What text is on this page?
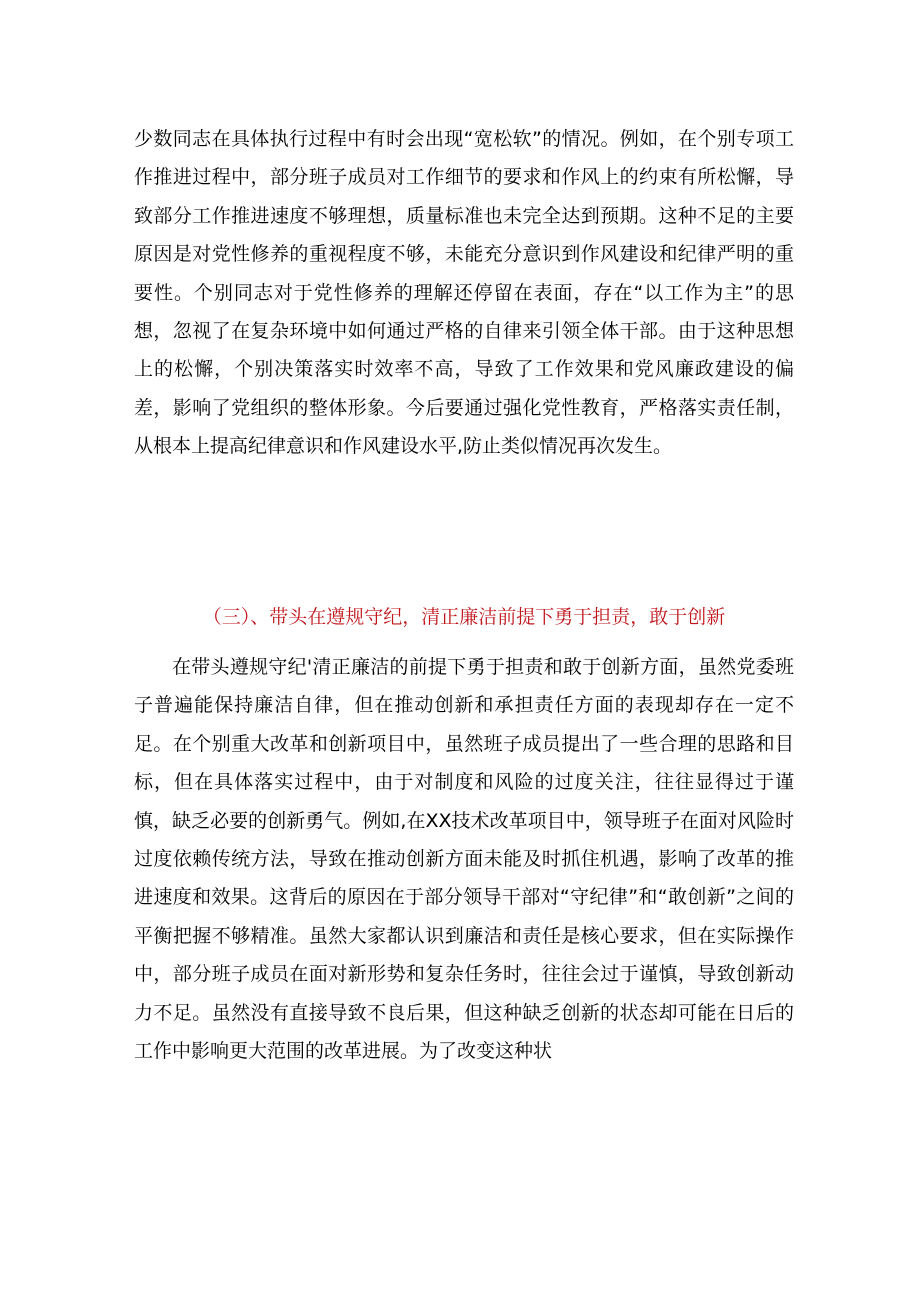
少数同志在具体执行过程中有时会出现“宽松软”的情况。例如，在个别专项工作推进过程中，部分班子成员对工作细节的要求和作风上的约束有所松懈，导致部分工作推进速度不够理想，质量标准也未完全达到预期。这种不足的主要原因是对党性修养的重视程度不够，未能充分意识到作风建设和纪律严明的重要性。个别同志对于党性修养的理解还停留在表面，存在“以工作为主”的思想，忽视了在复杂环境中如何通过严格的自律来引领全体干部。由于这种思想上的松懈，个别决策落实时效率不高，导致了工作效果和党风廉政建设的偏差，影响了党组织的整体形象。今后要通过强化党性教育，严格落实责任制，从根本上提高纪律意识和作风建设水平,防止类似情况再次发生。

（三）、带头在遵规守纪，清正廉洁前提下勇于担责，敢于创新

在带头遵规守纪'清正廉洁的前提下勇于担责和敢于创新方面，虽然党委班子普遍能保持廉洁自律，但在推动创新和承担责任方面的表现却存在一定不足。在个别重大改革和创新项目中，虽然班子成员提出了一些合理的思路和目标，但在具体落实过程中，由于对制度和风险的过度关注，往往显得过于谨慎，缺乏必要的创新勇气。例如,在XX技术改革项目中，领导班子在面对风险时过度依赖传统方法，导致在推动创新方面未能及时抓住机遇，影响了改革的推进速度和效果。这背后的原因在于部分领导干部对“守纪律”和“敢创新”之间的平衡把握不够精准。虽然大家都认识到廉洁和责任是核心要求，但在实际操作中，部分班子成员在面对新形势和复杂任务时，往往会过于谨慎，导致创新动力不足。虽然没有直接导致不良后果，但这种缺乏创新的状态却可能在日后的工作中影响更大范围的改革进展。为了改变这种状
